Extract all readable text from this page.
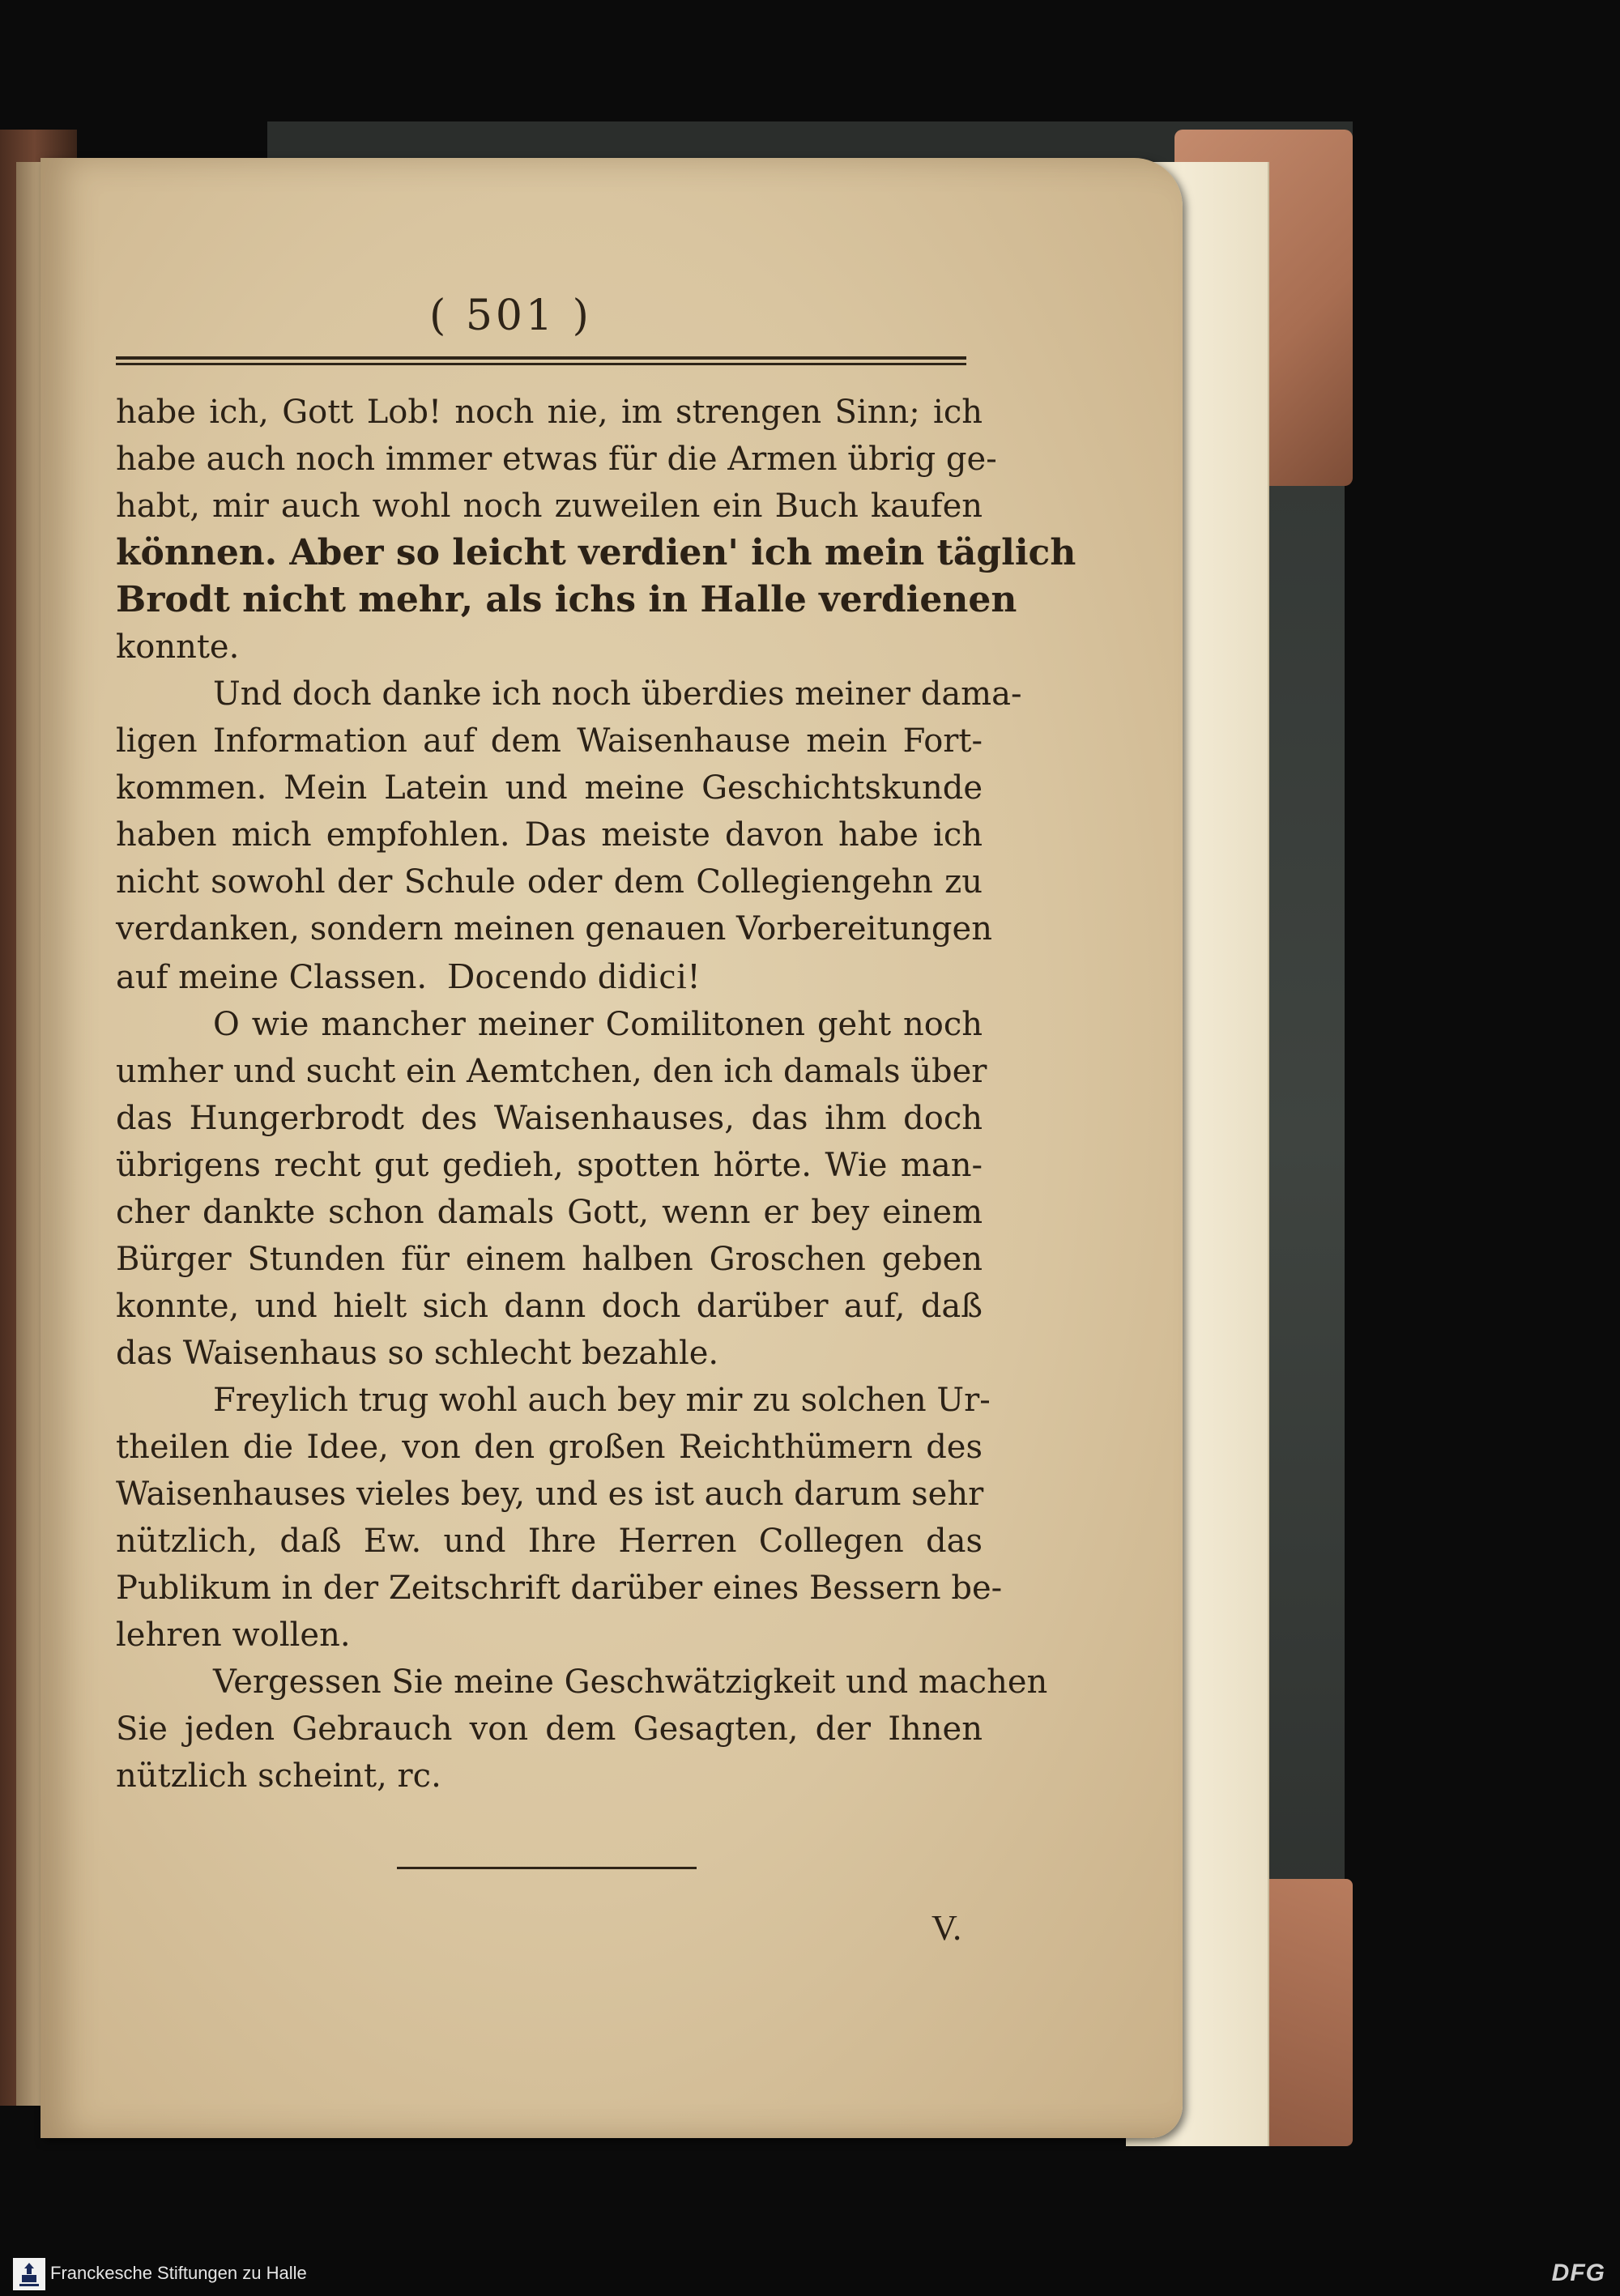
( 501 )
habe ich, Gott Lob! noch nie, im strengen Sinn; ich
habe auch noch immer etwas für die Armen übrig ge-
habt, mir auch wohl noch zuweilen ein Buch kaufen
können. Aber so leicht verdien' ich mein täglich
Brodt nicht mehr, als ichs in Halle verdienen
konnte.
Und doch danke ich noch überdies meiner dama-
ligen Information auf dem Waisenhause mein Fort-
kommen. Mein Latein und meine Geschichtskunde
haben mich empfohlen. Das meiste davon habe ich
nicht sowohl der Schule oder dem Collegiengehn zu
verdanken, sondern meinen genauen Vorbereitungen
auf meine Classen. Docendo didici!
O wie mancher meiner Comilitonen geht noch
umher und sucht ein Aemtchen, den ich damals über
das Hungerbrodt des Waisenhauses, das ihm doch
übrigens recht gut gedieh, spotten hörte. Wie man-
cher dankte schon damals Gott, wenn er bey einem
Bürger Stunden für einem halben Groschen geben
konnte, und hielt sich dann doch darüber auf, daß
das Waisenhaus so schlecht bezahle.
Freylich trug wohl auch bey mir zu solchen Ur-
theilen die Idee, von den großen Reichthümern des
Waisenhauses vieles bey, und es ist auch darum sehr
nützlich, daß Ew. und Ihre Herren Collegen das
Publikum in der Zeitschrift darüber eines Bessern be-
lehren wollen.
Vergessen Sie meine Geschwätzigkeit und machen
Sie jeden Gebrauch von dem Gesagten, der Ihnen
nützlich scheint, rc.
V.
Franckesche Stiftungen zu Halle	DFG
